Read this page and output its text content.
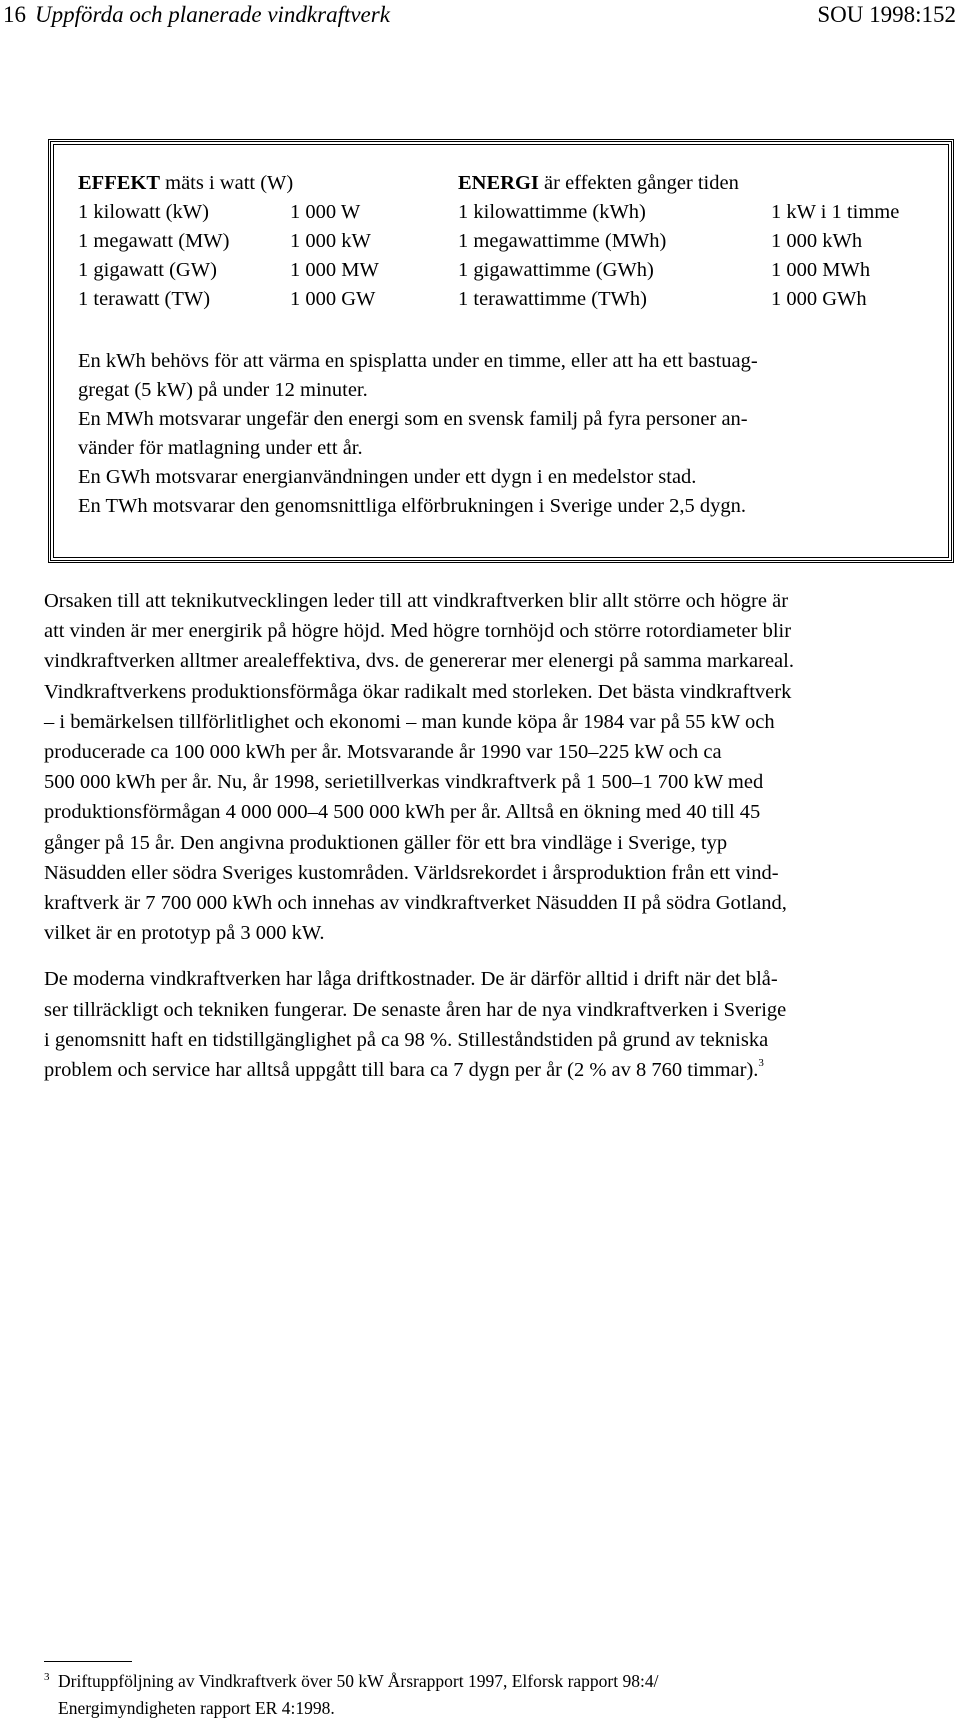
16 Uppförda och planerade vindkraftverk	SOU 1998:152
EFFEKT mäts i watt (W)	ENERGI är effekten gånger tiden
1 kilowatt (kW)	1 000 W	1 kilowattimme (kWh)	1 kW i 1 timme
1 megawatt (MW)	1 000 kW	1 megawattimme (MWh)	1 000 kWh
1 gigawatt (GW)	1 000 MW	1 gigawattimme (GWh)	1 000 MWh
1 terawatt (TW)	1 000 GW	1 terawattimme (TWh)	1 000 GWh

En kWh behövs för att värma en spisplatta under en timme, eller att ha ett bastuag-

gregat (5 kW) på under 12 minuter.

En MWh motsvarar ungefär den energi som en svensk familj på fyra personer an-

vänder för matlagning under ett år.

En GWh motsvarar energianvändningen under ett dygn i en medelstor stad.

En TWh motsvarar den genomsnittliga elförbrukningen i Sverige under 2,5 dygn.

Orsaken till att teknikutvecklingen leder till att vindkraftverken blir allt större och högre är
att vinden är mer energirik på högre höjd. Med högre tornhöjd och större rotordiameter blir
vindkraftverken alltmer arealeffektiva, dvs. de genererar mer elenergi på samma markareal.
Vindkraftverkens produktionsförmåga ökar radikalt med storleken. Det bästa vindkraftverk
– i bemärkelsen tillförlitlighet och ekonomi – man kunde köpa år 1984 var på 55 kW och
producerade ca 100 000 kWh per år. Motsvarande år 1990 var 150–225 kW och ca
500 000 kWh per år. Nu, år 1998, serietillverkas vindkraftverk på 1 500–1 700 kW med
produktionsförmågan 4 000 000–4 500 000 kWh per år. Alltså en ökning med 40 till 45
gånger på 15 år. Den angivna produktionen gäller för ett bra vindläge i Sverige, typ
Näsudden eller södra Sveriges kustområden. Världsrekordet i årsproduktion från ett vind-
kraftverk är 7 700 000 kWh och innehas av vindkraftverket Näsudden II på södra Gotland,
vilket är en prototyp på 3 000 kW.

De moderna vindkraftverken har låga driftkostnader. De är därför alltid i drift när det blå-
ser tillräckligt och tekniken fungerar. De senaste åren har de nya vindkraftverken i Sverige
i genomsnitt haft en tidstillgänglighet på ca 98 %. Stilleståndstiden på grund av tekniska
problem och service har alltså uppgått till bara ca 7 dygn per år (2 % av 8 760 timmar).$^3$

3 Driftuppföljning av Vindkraftverk över 50 kW Årsrapport 1997, Elforsk rapport 98:4/
Energimyndigheten rapport ER 4:1998.
